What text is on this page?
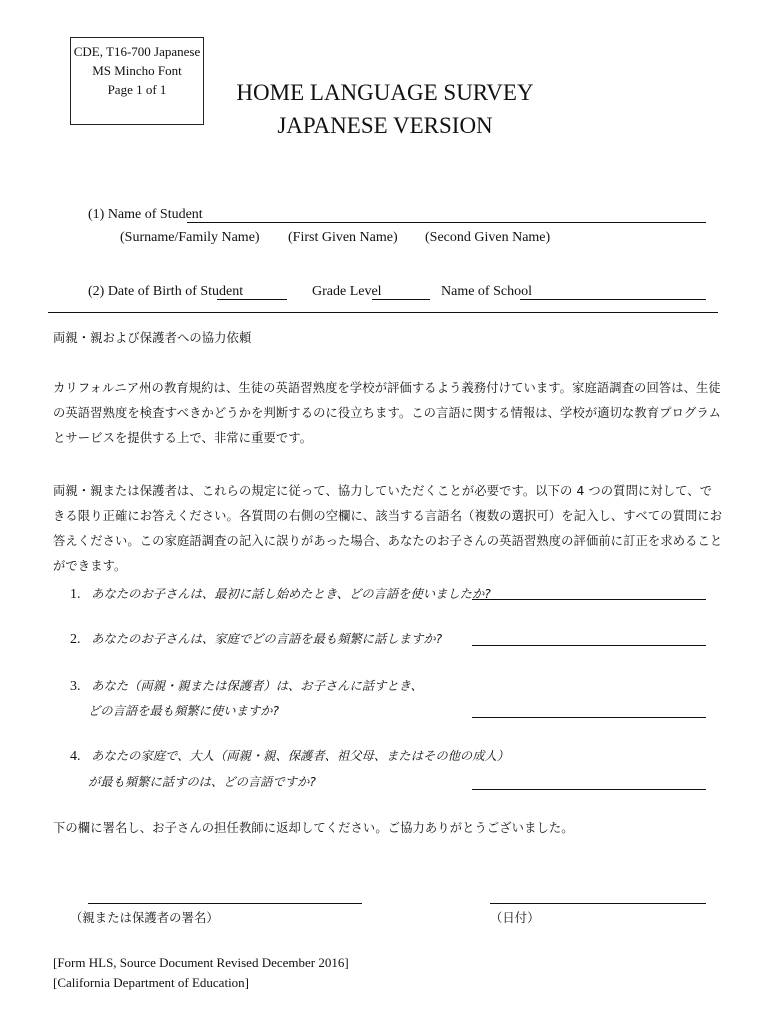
CDE, T16-700 Japanese
MS Mincho Font
Page 1 of 1	HOME LANGUAGE SURVEY
JAPANESE VERSION
(1) Name of Student
(Surname/Family Name) (First Given Name) (Second Given Name)
(2) Date of Birth of Student	Grade Level	Name of School
両親・親および保護者への協力依頼
カリフォルニア州の教育規約は、生徒の英語習熟度を学校が評価するよう義務付けています。家庭語調査の回答は、生徒の英語習熟度を検査すべきかどうかを判断するのに役立ちます。この言語に関する情報は、学校が適切な教育プログラムとサービスを提供する上で、非常に重要です。
両親・親または保護者は、これらの規定に従って、協力していただくことが必要です。以下の 4 つの質問に対して、できる限り正確にお答えください。各質問の右側の空欄に、該当する言語名（複数の選択可）を記入し、すべての質問にお答えください。この家庭語調査の記入に誤りがあった場合、あなたのお子さんの英語習熟度の評価前に訂正を求めることができます。
1. あなたのお子さんは、最初に話し始めたとき、どの言語を使いましたか?
2. あなたのお子さんは、家庭でどの言語を最も頻繁に話しますか?
3. あなた（両親・親または保護者）は、お子さんに話すとき、
どの言語を最も頻繁に使いますか?
4. あなたの家庭で、大人（両親・親、保護者、祖父母、またはその他の成人）
が最も頻繁に話すのは、どの言語ですか?
下の欄に署名し、お子さんの担任教師に返却してください。ご協力ありがとうございました。
（親または保護者の署名）	（日付）
[Form HLS, Source Document Revised December 2016]
[California Department of Education]
